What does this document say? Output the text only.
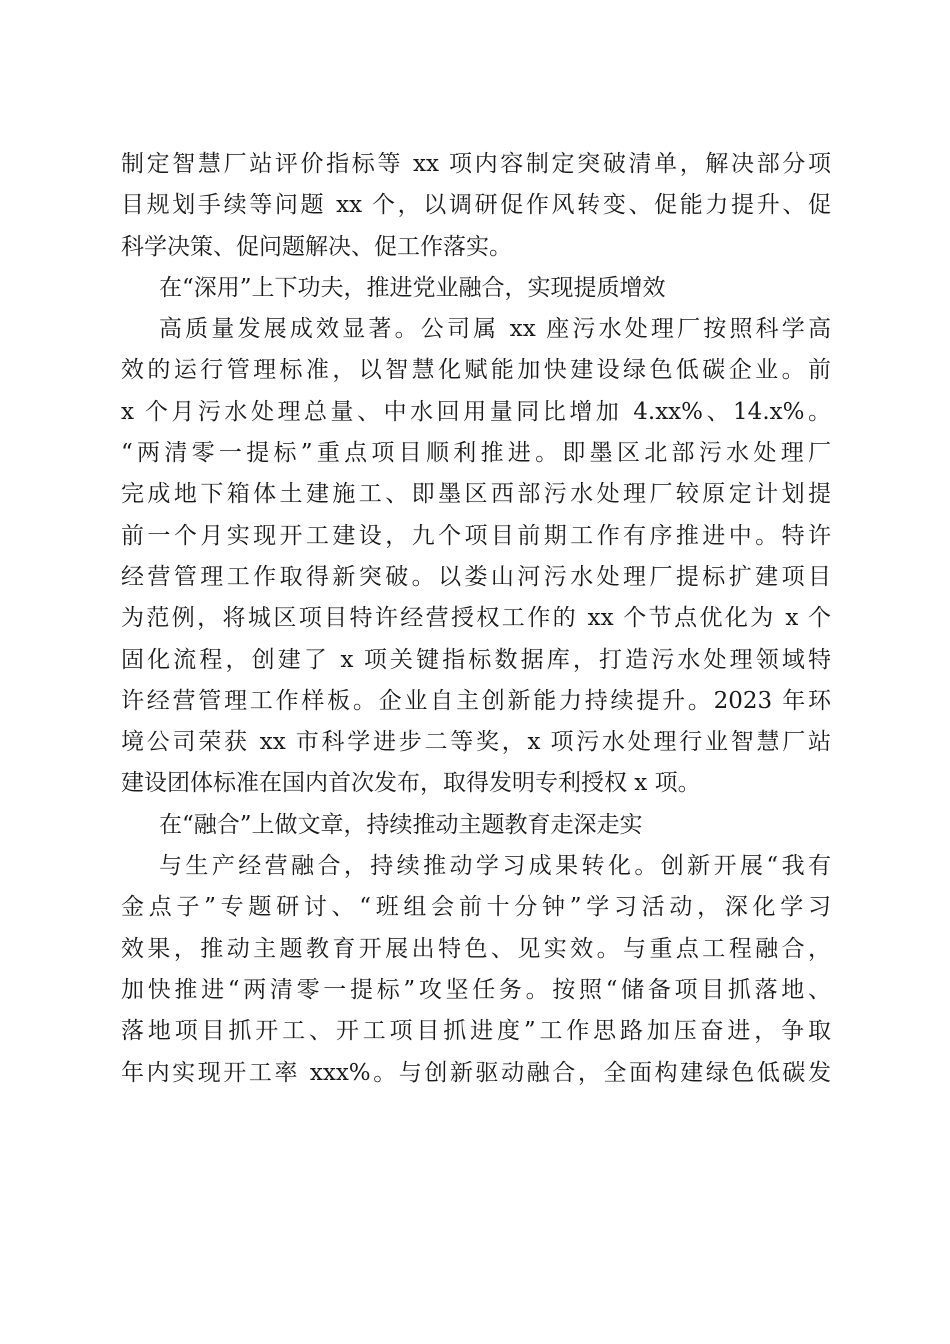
制定智慧厂站评价指标等 xx 项内容制定突破清单，解决部分项
目规划手续等问题 xx 个，以调研促作风转变、促能力提升、促
科学决策、促问题解决、促工作落实。
在“深用”上下功夫，推进党业融合，实现提质增效
高质量发展成效显著。公司属 xx 座污水处理厂按照科学高
效的运行管理标准，以智慧化赋能加快建设绿色低碳企业。前
x 个月污水处理总量、中水回用量同比增加 4.xx%、14.x%。
“两清零一提标”重点项目顺利推进。即墨区北部污水处理厂
完成地下箱体土建施工、即墨区西部污水处理厂较原定计划提
前一个月实现开工建设，九个项目前期工作有序推进中。特许
经营管理工作取得新突破。以娄山河污水处理厂提标扩建项目
为范例，将城区项目特许经营授权工作的 xx 个节点优化为 x 个
固化流程，创建了 x 项关键指标数据库，打造污水处理领域特
许经营管理工作样板。企业自主创新能力持续提升。2023 年环
境公司荣获 xx 市科学进步二等奖，x 项污水处理行业智慧厂站
建设团体标准在国内首次发布，取得发明专利授权 x 项。
在“融合”上做文章，持续推动主题教育走深走实
与生产经营融合，持续推动学习成果转化。创新开展“我有
金点子”专题研讨、“班组会前十分钟”学习活动，深化学习
效果，推动主题教育开展出特色、见实效。与重点工程融合，
加快推进“两清零一提标”攻坚任务。按照“储备项目抓落地、
落地项目抓开工、开工项目抓进度”工作思路加压奋进，争取
年内实现开工率 xxx%。与创新驱动融合，全面构建绿色低碳发
